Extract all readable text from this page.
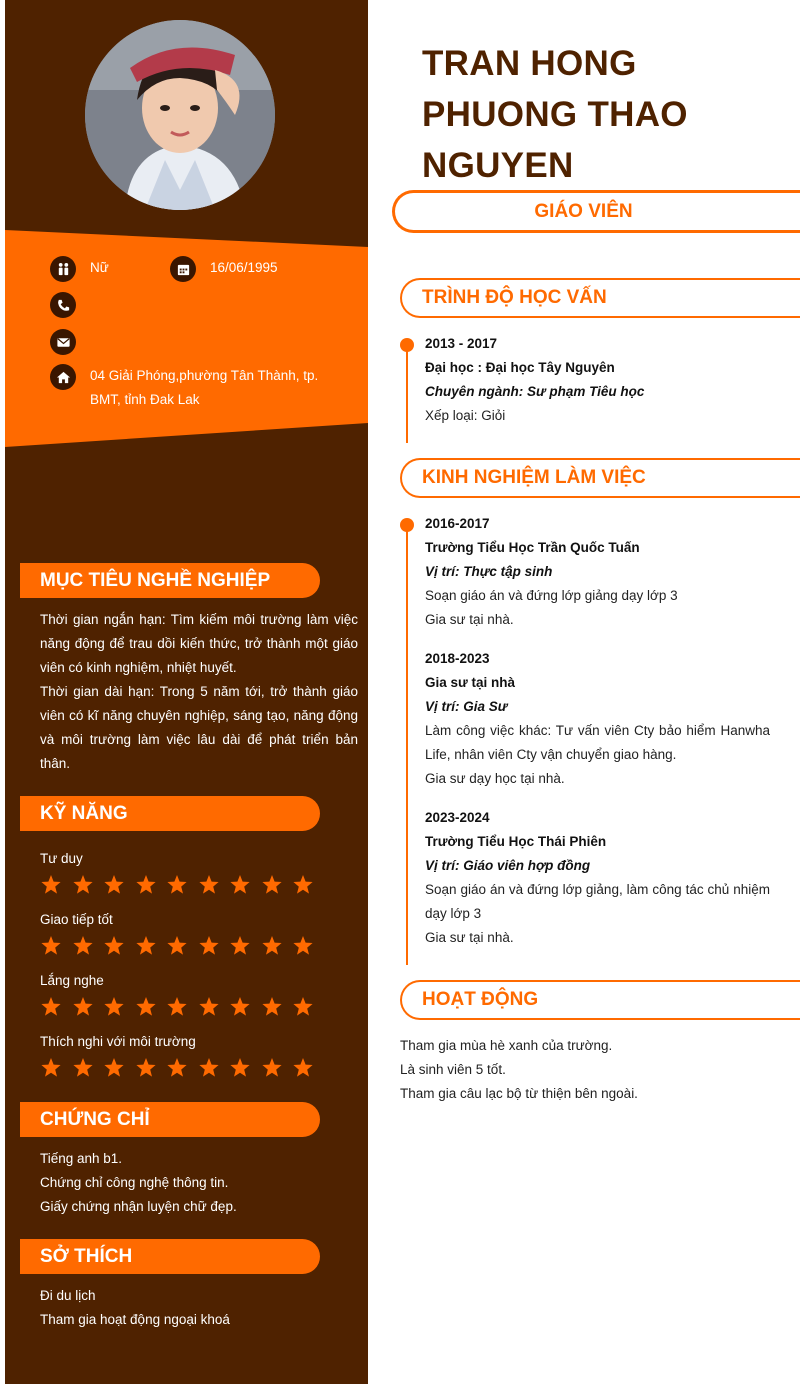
Nữ	16/06/1995
04 Giải Phóng,phường Tân Thành, tp. BMT, tỉnh Đak Lak
MỤC TIÊU NGHỀ NGHIỆP
Thời gian ngắn hạn: Tìm kiếm môi trường làm việc năng động để trau dồi kiến thức, trở thành một giáo viên có kinh nghiệm, nhiệt huyết.
Thời gian dài hạn: Trong 5 năm tới, trở thành giáo viên có kĩ năng chuyên nghiệp, sáng tạo, năng động và môi trường làm việc lâu dài để phát triển bản thân.
KỸ NĂNG
Tư duy
Giao tiếp tốt
Lắng nghe
Thích nghi với môi trường
CHỨNG CHỈ
Tiếng anh b1.
Chứng chỉ công nghệ thông tin.
Giấy chứng nhận luyện chữ đẹp.
SỞ THÍCH
Đi du lịch
Tham gia hoạt động ngoại khoá
TRAN HONG
PHUONG THAO
NGUYEN
GIÁO VIÊN
TRÌNH ĐỘ HỌC VẤN
2013 - 2017
Đại học : Đại học Tây Nguyên
Chuyên ngành: Sư phạm Tiêu học
Xếp loại: Giỏi
KINH NGHIỆM LÀM VIỆC
2016-2017
Trường Tiểu Học Trần Quốc Tuấn
Vị trí: Thực tập sinh
Soạn giáo án và đứng lớp giảng dạy lớp 3
Gia sư tại nhà.
2018-2023
Gia sư tại nhà
Vị trí: Gia Sư
Làm công việc khác: Tư vấn viên Cty bảo hiểm Hanwha Life, nhân viên Cty vận chuyển giao hàng.
Gia sư dạy học tại nhà.
2023-2024
Trường Tiểu Học Thái Phiên
Vị trí: Giáo viên hợp đồng
Soạn giáo án và đứng lớp giảng, làm công tác chủ nhiệm dạy lớp 3
Gia sư tại nhà.
HOẠT ĐỘNG
Tham gia mùa hè xanh của trường.
Là sinh viên 5 tốt.
Tham gia câu lạc bộ từ thiện bên ngoài.
